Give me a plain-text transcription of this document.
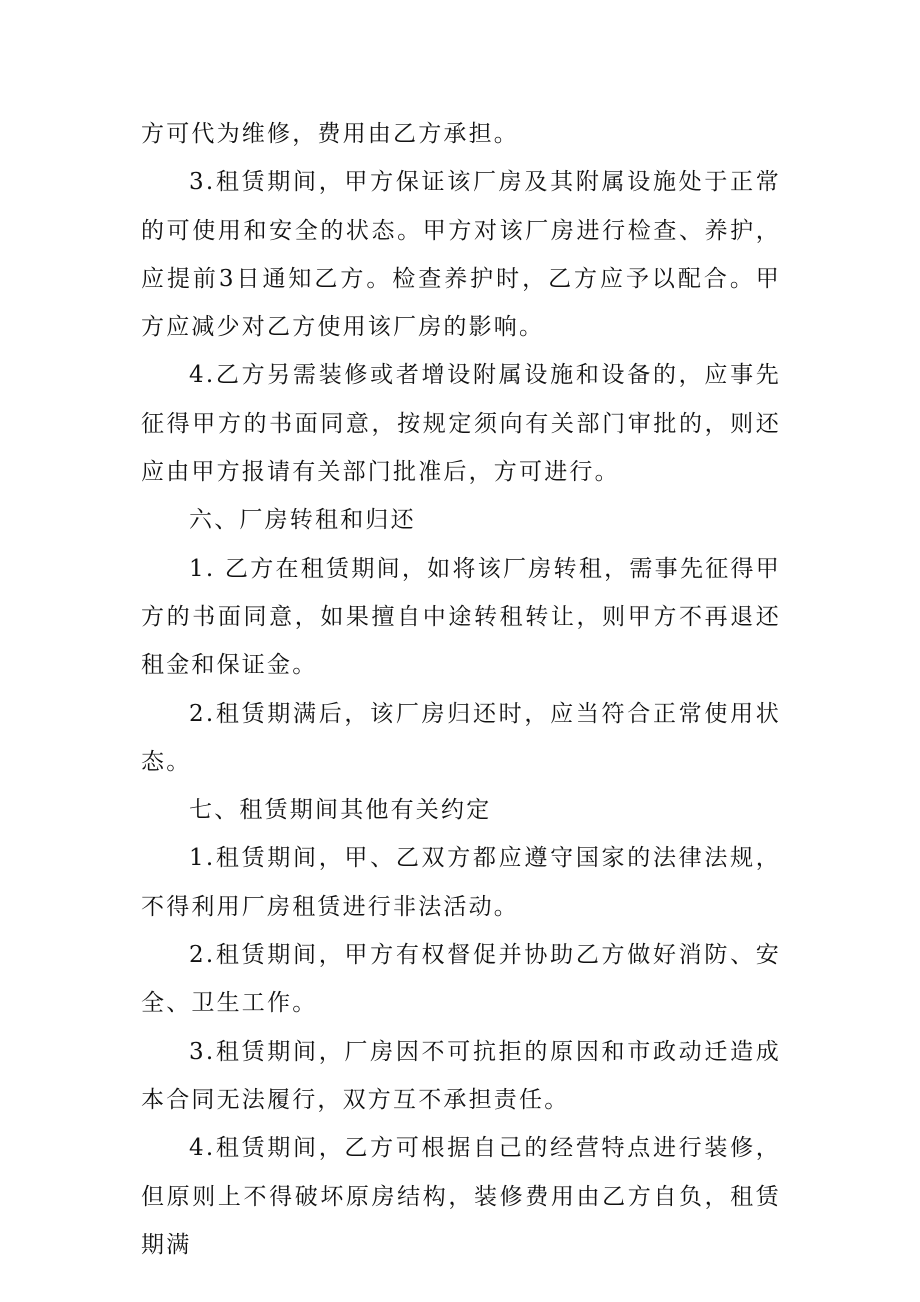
方可代为维修，费用由乙方承担。

3.租赁期间，甲方保证该厂房及其附属设施处于正常的可使用和安全的状态。甲方对该厂房进行检查、养护，应提前3日通知乙方。检查养护时，乙方应予以配合。甲方应减少对乙方使用该厂房的影响。

4.乙方另需装修或者增设附属设施和设备的，应事先征得甲方的书面同意，按规定须向有关部门审批的，则还应由甲方报请有关部门批准后，方可进行。

六、厂房转租和归还

1. 乙方在租赁期间，如将该厂房转租，需事先征得甲方的书面同意，如果擅自中途转租转让，则甲方不再退还租金和保证金。

2.租赁期满后，该厂房归还时，应当符合正常使用状态。

七、租赁期间其他有关约定

1.租赁期间，甲、乙双方都应遵守国家的法律法规，不得利用厂房租赁进行非法活动。

2.租赁期间，甲方有权督促并协助乙方做好消防、安全、卫生工作。

3.租赁期间，厂房因不可抗拒的原因和市政动迁造成本合同无法履行，双方互不承担责任。

4.租赁期间，乙方可根据自己的经营特点进行装修，但原则上不得破坏原房结构，装修费用由乙方自负，租赁期满
